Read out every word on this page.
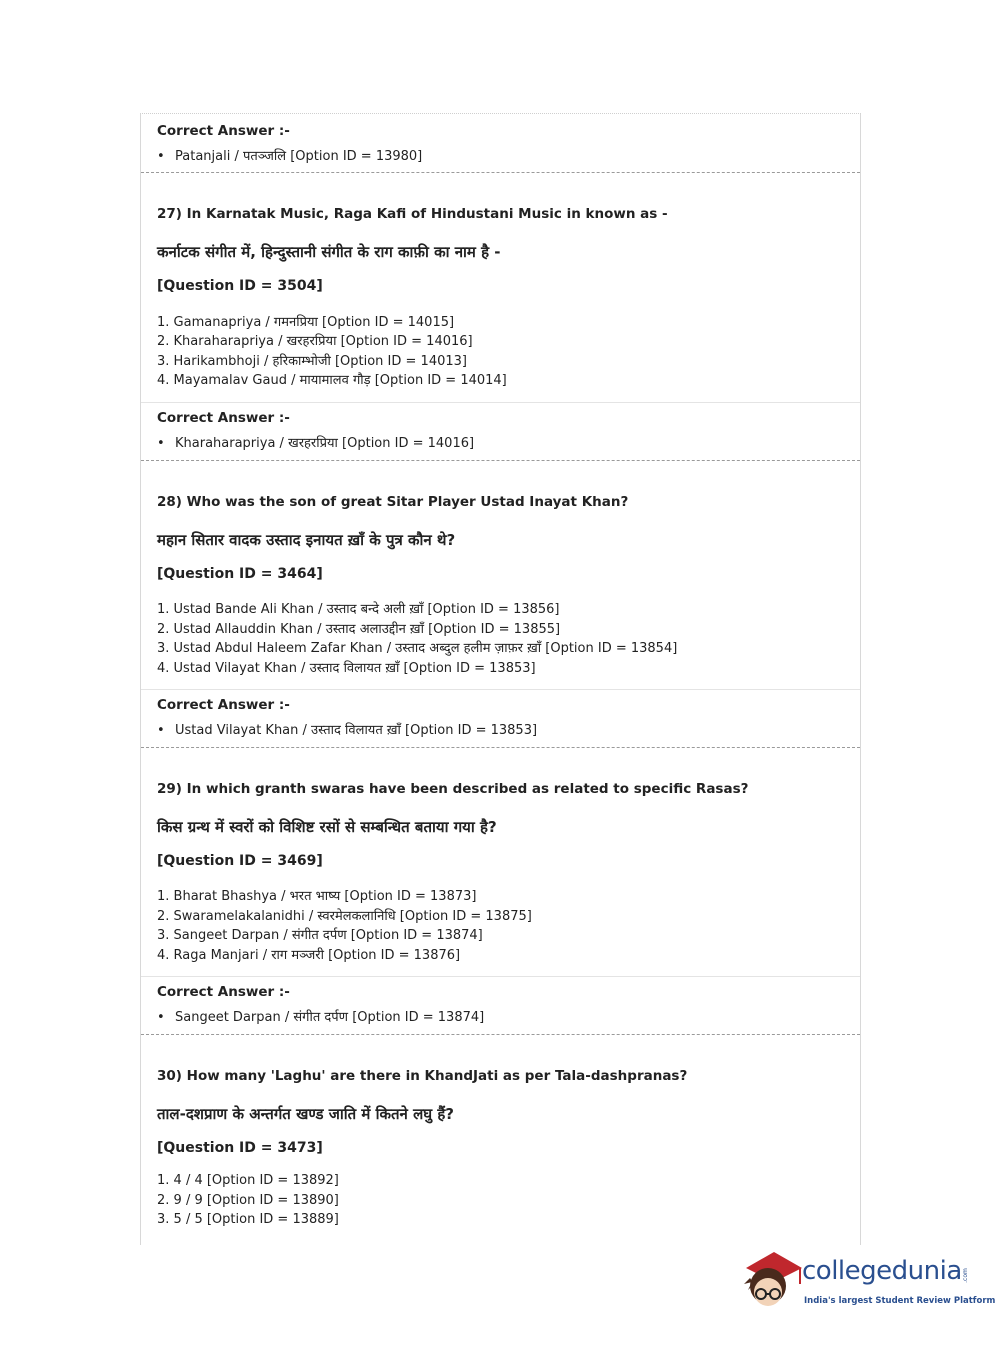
Correct Answer :-
• Patanjali / पतञ्जलि [Option ID = 13980]
27) In Karnatak Music, Raga Kafi of Hindustani Music in known as -
कर्नाटक संगीत में, हिन्दुस्तानी संगीत के राग काफ़ी का नाम है -
[Question ID = 3504]
1. Gamanapriya / गमनप्रिया [Option ID = 14015]
2. Kharaharapriya / खरहरप्रिया [Option ID = 14016]
3. Harikambhoji / हरिकाम्भोजी [Option ID = 14013]
4. Mayamalav Gaud / मायामालव गौड़ [Option ID = 14014]
Correct Answer :-
• Kharaharapriya / खरहरप्रिया [Option ID = 14016]
28) Who was the son of great Sitar Player Ustad Inayat Khan?
महान सितार वादक उस्ताद इनायत ख़ाँ के पुत्र कौन थे?
[Question ID = 3464]
1. Ustad Bande Ali Khan / उस्ताद बन्दे अली ख़ाँ [Option ID = 13856]
2. Ustad Allauddin Khan / उस्ताद अलाउद्दीन ख़ाँ [Option ID = 13855]
3. Ustad Abdul Haleem Zafar Khan / उस्ताद अब्दुल हलीम ज़ाफ़र ख़ाँ [Option ID = 13854]
4. Ustad Vilayat Khan / उस्ताद विलायत ख़ाँ [Option ID = 13853]
Correct Answer :-
• Ustad Vilayat Khan / उस्ताद विलायत ख़ाँ [Option ID = 13853]
29) In which granth swaras have been described as related to specific Rasas?
किस ग्रन्थ में स्वरों को विशिष्ट रसों से सम्बन्धित बताया गया है?
[Question ID = 3469]
1. Bharat Bhashya / भरत भाष्य [Option ID = 13873]
2. Swaramelakalanidhi / स्वरमेलकलानिधि [Option ID = 13875]
3. Sangeet Darpan / संगीत दर्पण [Option ID = 13874]
4. Raga Manjari / राग मञ्जरी [Option ID = 13876]
Correct Answer :-
• Sangeet Darpan / संगीत दर्पण [Option ID = 13874]
30) How many 'Laghu' are there in KhandJati as per Tala-dashpranas?
ताल-दशप्राण के अन्तर्गत खण्ड जाति में कितने लघु हैं?
[Question ID = 3473]
1. 4 / 4 [Option ID = 13892]
2. 9 / 9 [Option ID = 13890]
3. 5 / 5 [Option ID = 13889]
collegedunia .com
India's largest Student Review Platform
